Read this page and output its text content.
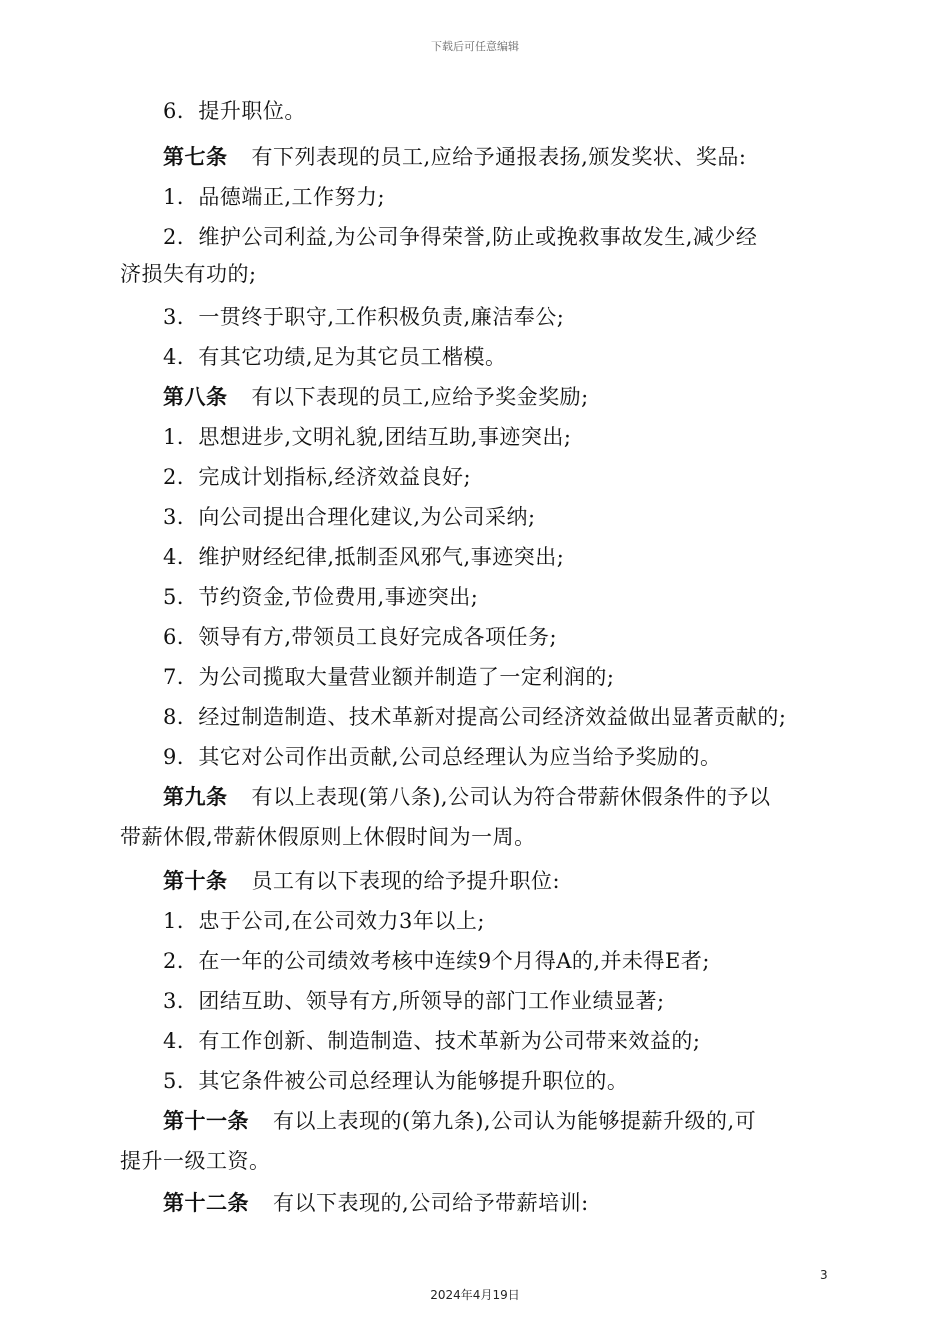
下载后可任意编辑
6．提升职位。
第七条 有下列表现的员工,应给予通报表扬,颁发奖状、奖品:
1．品德端正,工作努力;
2．维护公司利益,为公司争得荣誉,防止或挽救事故发生,减少经
济损失有功的;
3．一贯终于职守,工作积极负责,廉洁奉公;
4．有其它功绩,足为其它员工楷模。
第八条 有以下表现的员工,应给予奖金奖励;
1．思想进步,文明礼貌,团结互助,事迹突出;
2．完成计划指标,经济效益良好;
3．向公司提出合理化建议,为公司采纳;
4．维护财经纪律,抵制歪风邪气,事迹突出;
5．节约资金,节俭费用,事迹突出;
6．领导有方,带领员工良好完成各项任务;
7．为公司揽取大量营业额并制造了一定利润的;
8．经过制造制造、技术革新对提高公司经济效益做出显著贡献的;
9．其它对公司作出贡献,公司总经理认为应当给予奖励的。
第九条 有以上表现(第八条),公司认为符合带薪休假条件的予以
带薪休假,带薪休假原则上休假时间为一周。
第十条 员工有以下表现的给予提升职位:
1．忠于公司,在公司效力3年以上;
2．在一年的公司绩效考核中连续9个月得A的,并未得E者;
3．团结互助、领导有方,所领导的部门工作业绩显著;
4．有工作创新、制造制造、技术革新为公司带来效益的;
5．其它条件被公司总经理认为能够提升职位的。
第十一条 有以上表现的(第九条),公司认为能够提薪升级的,可
提升一级工资。
第十二条 有以下表现的,公司给予带薪培训:
3
2024年4月19日
